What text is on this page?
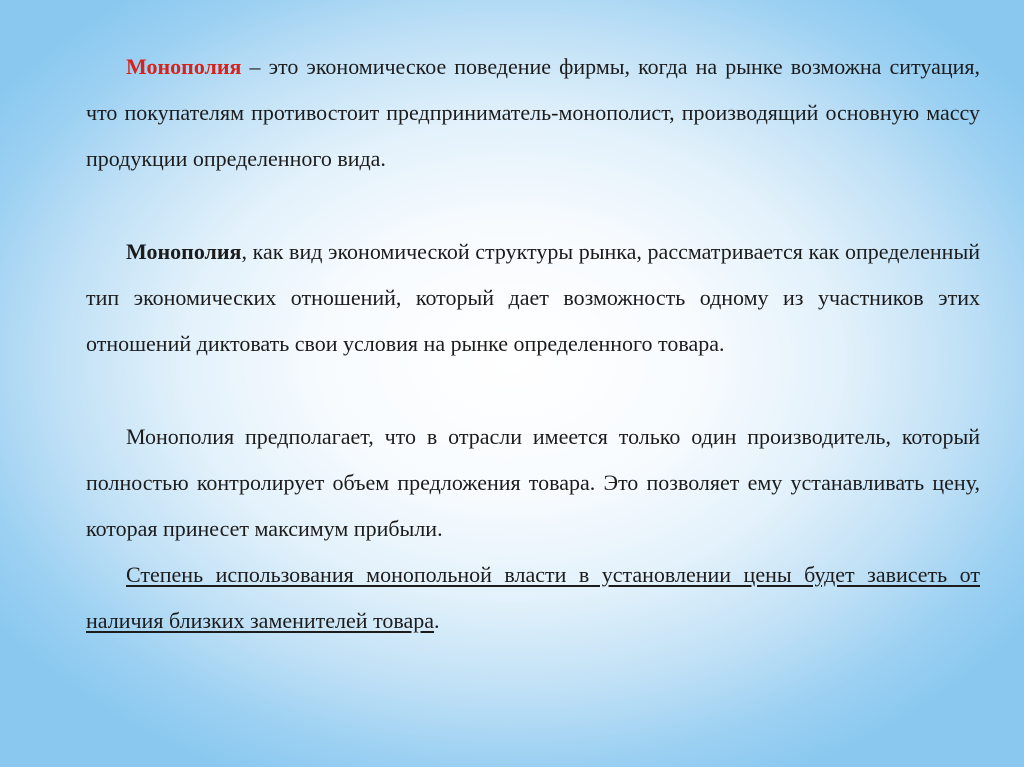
Монополия – это экономическое поведение фирмы, когда на рынке возможна ситуация, что покупателям противостоит предприниматель-монополист, производящий основную массу продукции определенного вида.

Монополия, как вид экономической структуры рынка, рассматривается как определенный тип экономических отношений, который дает возможность одному из участников этих отношений диктовать свои условия на рынке определенного товара.

Монополия предполагает, что в отрасли имеется только один производитель, который полностью контролирует объем предложения товара. Это позволяет ему устанавливать цену, которая принесет максимум прибыли.

Степень использования монопольной власти в установлении цены будет зависеть от наличия близких заменителей товара.
